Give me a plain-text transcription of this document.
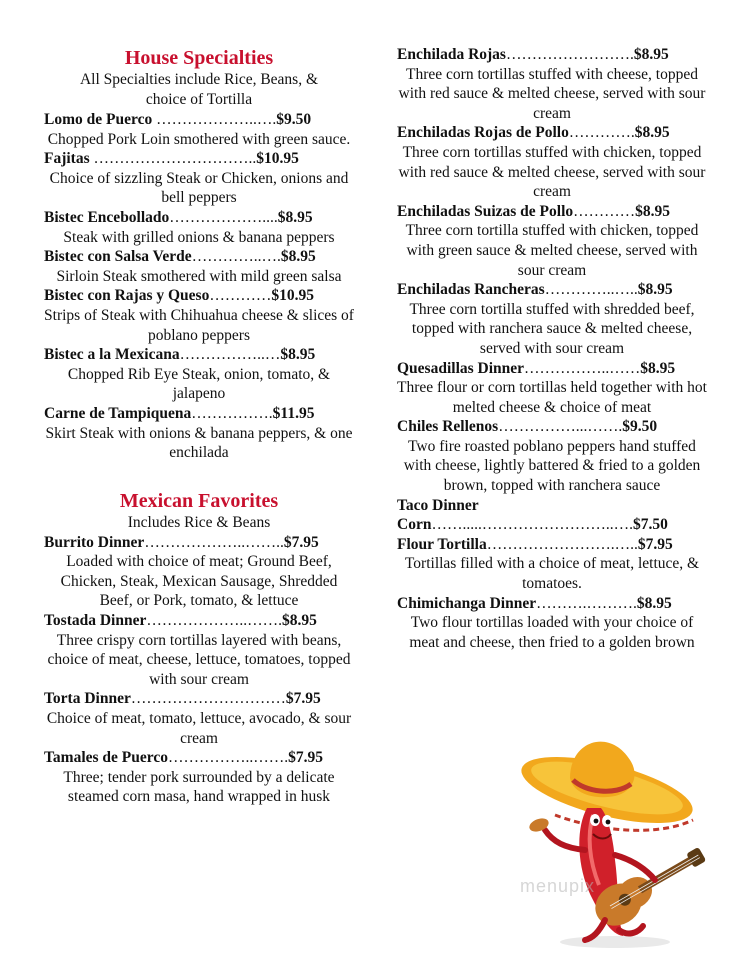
House Specialties
All Specialties include Rice, Beans, & choice of Tortilla
Lomo de Puerco ………………..….$9.50
Chopped Pork Loin smothered with green sauce.
Fajitas …………………………..$10.95
Choice of sizzling Steak or Chicken, onions and bell peppers
Bistec Encebollado………………....$8.95
Steak with grilled onions & banana peppers
Bistec con Salsa Verde…………..….$8.95
Sirloin Steak smothered with mild green salsa
Bistec con Rajas y Queso…………$10.95
Strips of Steak with Chihuahua cheese & slices of poblano peppers
Bistec a la Mexicana……………..…$8.95
Chopped Rib Eye Steak, onion, tomato, & jalapeno
Carne de Tampiquena…………….$11.95
Skirt Steak with onions & banana peppers, & one enchilada
Mexican Favorites
Includes Rice & Beans
Burrito Dinner………………..……..$7.95
Loaded with choice of meat; Ground Beef, Chicken, Steak, Mexican Sausage, Shredded Beef, or Pork, tomato, & lettuce
Tostada Dinner………………..…….$8.95
Three crispy corn tortillas layered with beans, choice of meat, cheese, lettuce, tomatoes, topped with sour cream
Torta Dinner…………………………$7.95
Choice of meat, tomato, lettuce, avocado, & sour cream
Tamales de Puerco……………..…….$7.95
Three; tender pork surrounded by a delicate steamed corn masa, hand wrapped in husk
Enchilada Rojas…………………….$8.95
Three corn tortillas stuffed with cheese, topped with red sauce & melted cheese, served with sour cream
Enchiladas Rojas de Pollo………….$8.95
Three corn tortillas stuffed with chicken, topped with red sauce & melted cheese, served with sour cream
Enchiladas Suizas de Pollo…………$8.95
Three corn tortilla stuffed with chicken, topped with green sauce & melted cheese, served with sour cream
Enchiladas Rancheras…………..…..$8.95
Three corn tortilla stuffed with shredded beef, topped with ranchera sauce & melted cheese, served with sour cream
Quesadillas Dinner……………..……$8.95
Three flour or corn tortillas held together with hot melted cheese & choice of meat
Chiles Rellenos……………...…….$9.50
Two fire roasted poblano peppers hand stuffed with cheese, lightly battered & fried to a golden brown, topped with ranchera sauce
Taco Dinner
Corn…….....……………………..….$7.50
Flour Tortilla…………………….…..$7.95
Tortillas filled with a choice of meat, lettuce, & tomatoes.
Chimichanga Dinner……….……….$8.95
Two flour tortillas loaded with your choice of meat and cheese, then fried to a golden brown
menupix
